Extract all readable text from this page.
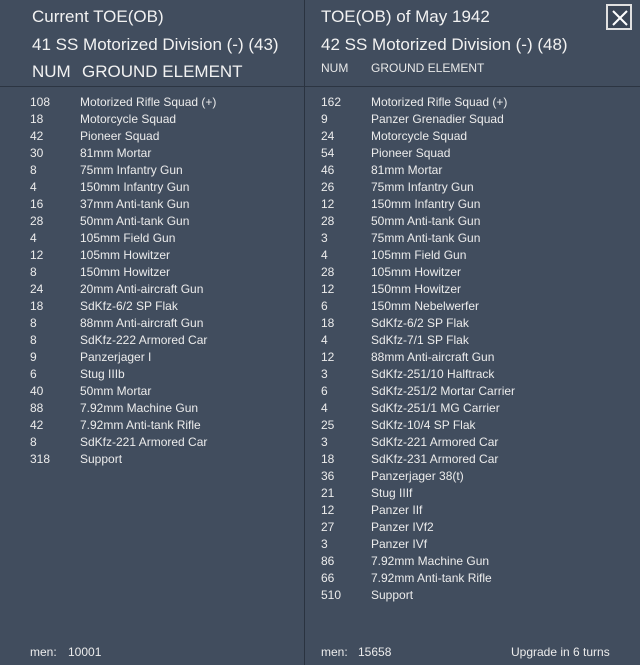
Current TOE(OB)
41 SS Motorized Division (-) (43)
NUM GROUND ELEMENT
108 Motorized Rifle Squad (+)
18	Motorcycle Squad
42	Pioneer Squad
30	81mm Mortar
8	75mm Infantry Gun
4	150mm Infantry Gun
16	37mm Anti-tank Gun
28	50mm Anti-tank Gun
4	105mm Field Gun
12	105mm Howitzer
8	150mm Howitzer
24	20mm Anti-aircraft Gun
18	SdKfz-6/2 SP Flak
8	88mm Anti-aircraft Gun
8	SdKfz-222 Armored Car
9	Panzerjager I
6	Stug IIIb
40	50mm Mortar
88	7.92mm Machine Gun
42	7.92mm Anti-tank Rifle
8	SdKfz-221 Armored Car
318 Support
men: 10001
TOE(OB) of May 1942
42 SS Motorized Division (-) (48)
NUM GROUND ELEMENT
162 Motorized Rifle Squad (+)
9	Panzer Grenadier Squad
24	Motorcycle Squad
54	Pioneer Squad
46	81mm Mortar
26	75mm Infantry Gun
12	150mm Infantry Gun
28	50mm Anti-tank Gun
3	75mm Anti-tank Gun
4	105mm Field Gun
28	105mm Howitzer
12	150mm Howitzer
6	150mm Nebelwerfer
18	SdKfz-6/2 SP Flak
4	SdKfz-7/1 SP Flak
12	88mm Anti-aircraft Gun
3	SdKfz-251/10 Halftrack
6	SdKfz-251/2 Mortar Carrier
4	SdKfz-251/1 MG Carrier
25	SdKfz-10/4 SP Flak
3	SdKfz-221 Armored Car
18	SdKfz-231 Armored Car
36	Panzerjager 38(t)
21	Stug IIIf
12	Panzer IIf
27	Panzer IVf2
3	Panzer IVf
86	7.92mm Machine Gun
66	7.92mm Anti-tank Rifle
510 Support
men: 15658	Upgrade in 6 turns
